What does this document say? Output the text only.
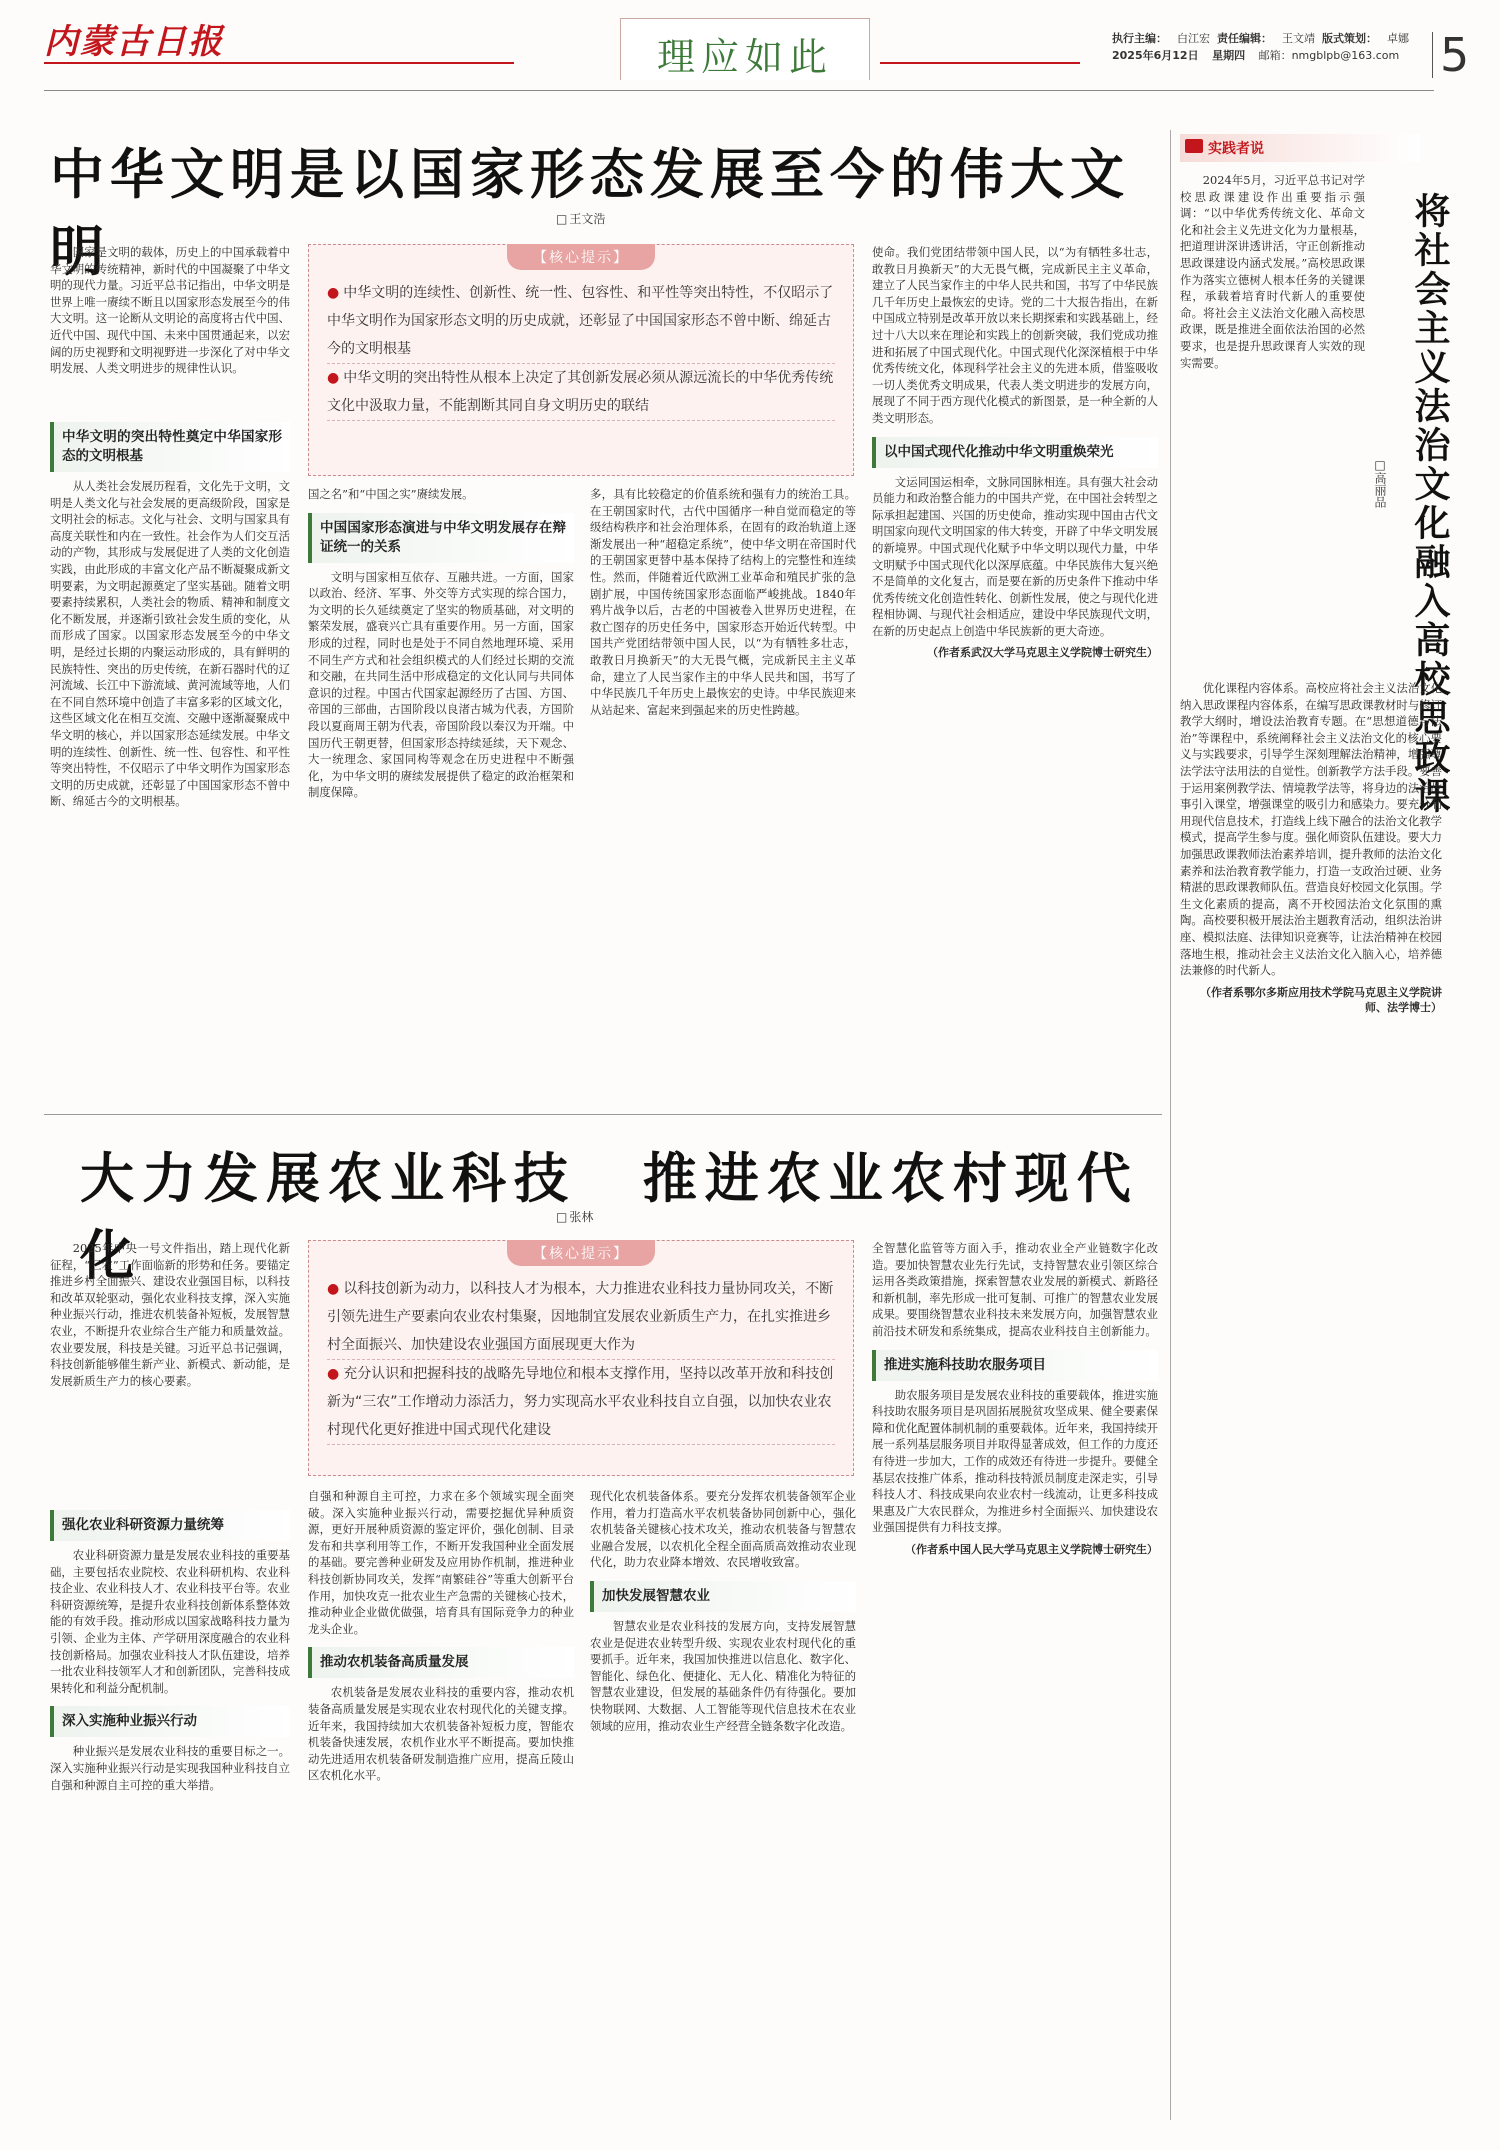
内蒙古日报	理应如此	执行主编： 白江宏 责任编辑： 王文靖 版式策划： 卓娜
2025年6月12日 星期四 邮箱：nmgblpb@163.com 5
中华文明是以国家形态发展至今的伟大文明
□ 王文浩

国家是文明的载体，历史上的中国承载着中华文明的传统精神，新时代的中国凝聚了中华文明的现代力量。习近平总书记指出，中华文明是世界上唯一赓续不断且以国家形态发展至今的伟大文明。这一论断从文明论的高度将古代中国、近代中国、现代中国、未来中国贯通起来，以宏阔的历史视野和文明视野进一步深化了对中华文明发展、人类文明进步的规律性认识。

中华文明的突出特性奠定中华国家形态的文明根基

从人类社会发展历程看，文化先于文明，文明是人类文化与社会发展的更高级阶段，国家是文明社会的标志。文化与社会、文明与国家具有高度关联性和内在一致性。社会作为人们交互活动的产物，其形成与发展促进了人类的文化创造实践，由此形成的丰富文化产品不断凝聚成新文明要素，为文明起源奠定了坚实基础。随着文明要素持续累积，人类社会的物质、精神和制度文化不断发展，并逐渐引致社会发生质的变化，从而形成了国家。以国家形态发展至今的中华文明，是经过长期的内聚运动形成的，具有鲜明的民族特性、突出的历史传统，在新石器时代的辽河流域、长江中下游流域、黄河流域等地，人们在不同自然环境中创造了丰富多彩的区域文化，这些区域文化在相互交流、交融中逐渐凝聚成中华文明的核心，并以国家形态延续发展。中华文明的连续性、创新性、统一性、包容性、和平性等突出特性，不仅昭示了中华文明作为国家形态文明的历史成就，还彰显了中国国家形态不曾中断、绵延古今的文明根基。

【核心提示】

● 中华文明的连续性、创新性、统一性、包容性、和平性等突出特性，不仅昭示了中华文明作为国家形态文明的历史成就，还彰显了中国国家形态不曾中断、绵延古今的文明根基

● 中华文明的突出特性从根本上决定了其创新发展必须从源远流长的中华优秀传统文化中汲取力量，不能割断其同自身文明历史的联结

国之名”和“中国之实”赓续发展。

中国国家形态演进与中华文明发展存在辩证统一的关系

文明与国家相互依存、互融共进。一方面，国家以政治、经济、军事、外交等方式实现的综合国力，为文明的长久延续奠定了坚实的物质基础，对文明的繁荣发展，盛衰兴亡具有重要作用。另一方面，国家形成的过程，同时也是处于不同自然地理环境、采用不同生产方式和社会组织模式的人们经过长期的交流和交融，在共同生活中形成稳定的文化认同与共同体意识的过程。中国古代国家起源经历了古国、方国、帝国的三部曲，古国阶段以良渚古城为代表，方国阶段以夏商周王朝为代表，帝国阶段以秦汉为开端。中国历代王朝更替，但国家形态持续延续，天下观念、大一统理念、家国同构等观念在历史进程中不断强化，为中华文明的赓续发展提供了稳定的政治框架和制度保障。

多，具有比较稳定的价值系统和强有力的统治工具。在王朝国家时代，古代中国循序一种自觉而稳定的等级结构秩序和社会治理体系，在固有的政治轨道上逐渐发展出一种“超稳定系统”，使中华文明在帝国时代的王朝国家更替中基本保持了结构上的完整性和连续性。然而，伴随着近代欧洲工业革命和殖民扩张的急剧扩展，中国传统国家形态面临严峻挑战。1840年鸦片战争以后，古老的中国被卷入世界历史进程，在救亡图存的历史任务中，国家形态开始近代转型。中国共产党团结带领中国人民，以“为有牺牲多壮志，敢教日月换新天”的大无畏气概，完成新民主主义革命，建立了人民当家作主的中华人民共和国，书写了中华民族几千年历史上最恢宏的史诗。中华民族迎来从站起来、富起来到强起来的历史性跨越。

使命。我们党团结带领中国人民，以“为有牺牲多壮志，敢教日月换新天”的大无畏气概，完成新民主主义革命，建立了人民当家作主的中华人民共和国，书写了中华民族几千年历史上最恢宏的史诗。党的二十大报告指出，在新中国成立特别是改革开放以来长期探索和实践基础上，经过十八大以来在理论和实践上的创新突破，我们党成功推进和拓展了中国式现代化。中国式现代化深深植根于中华优秀传统文化，体现科学社会主义的先进本质，借鉴吸收一切人类优秀文明成果，代表人类文明进步的发展方向，展现了不同于西方现代化模式的新图景，是一种全新的人类文明形态。

以中国式现代化推动中华文明重焕荣光

文运同国运相牵，文脉同国脉相连。具有强大社会动员能力和政治整合能力的中国共产党，在中国社会转型之际承担起建国、兴国的历史使命，推动实现中国由古代文明国家向现代文明国家的伟大转变，开辟了中华文明发展的新境界。中国式现代化赋予中华文明以现代力量，中华文明赋予中国式现代化以深厚底蕴。中华民族伟大复兴绝不是简单的文化复古，而是要在新的历史条件下推动中华优秀传统文化创造性转化、创新性发展，使之与现代化进程相协调、与现代社会相适应，建设中华民族现代文明，在新的历史起点上创造中华民族新的更大奇迹。

（作者系武汉大学马克思主义学院博士研究生）

大力发展农业科技 推进农业农村现代化
□ 张林

2025年中央一号文件指出，踏上现代化新征程，“三农”工作面临新的形势和任务。要锚定推进乡村全面振兴、建设农业强国目标，以科技和改革双轮驱动，强化农业科技支撑，深入实施种业振兴行动，推进农机装备补短板，发展智慧农业，不断提升农业综合生产能力和质量效益。农业要发展，科技是关键。习近平总书记强调，科技创新能够催生新产业、新模式、新动能，是发展新质生产力的核心要素。

强化农业科研资源力量统筹

农业科研资源力量是发展农业科技的重要基础，主要包括农业院校、农业科研机构、农业科技企业、农业科技人才、农业科技平台等。农业科研资源统筹，是提升农业科技创新体系整体效能的有效手段。推动形成以国家战略科技力量为引领、企业为主体、产学研用深度融合的农业科技创新格局。加强农业科技人才队伍建设，培养一批农业科技领军人才和创新团队，完善科技成果转化和利益分配机制。

深入实施种业振兴行动

种业振兴是发展农业科技的重要目标之一。深入实施种业振兴行动是实现我国种业科技自立自强和种源自主可控的重大举措。

【核心提示】

● 以科技创新为动力，以科技人才为根本，大力推进农业科技力量协同攻关，不断引领先进生产要素向农业农村集聚，因地制宜发展农业新质生产力，在扎实推进乡村全面振兴、加快建设农业强国方面展现更大作为

● 充分认识和把握科技的战略先导地位和根本支撑作用，坚持以改革开放和科技创新为“三农”工作增动力添活力，努力实现高水平农业科技自立自强，以加快农业农村现代化更好推进中国式现代化建设

自强和种源自主可控，力求在多个领域实现全面突破。深入实施种业振兴行动，需要挖掘优异种质资源，更好开展种质资源的鉴定评价，强化创制、目录发布和共享利用等工作，不断开发我国种业全面发展的基础。要完善种业研发及应用协作机制，推进种业科技创新协同攻关，发挥“南繁硅谷”等重大创新平台作用，加快攻克一批农业生产急需的关键核心技术，推动种业企业做优做强，培育具有国际竞争力的种业龙头企业。

推动农机装备高质量发展

农机装备是发展农业科技的重要内容，推动农机装备高质量发展是实现农业农村现代化的关键支撑。近年来，我国持续加大农机装备补短板力度，智能农机装备快速发展，农机作业水平不断提高。要加快推动先进适用农机装备研发制造推广应用，提高丘陵山区农机化水平。

现代化农机装备体系。要充分发挥农机装备领军企业作用，着力打造高水平农机装备协同创新中心，强化农机装备关键核心技术攻关，推动农机装备与智慧农业融合发展，以农机化全程全面高质高效推动农业现代化，助力农业降本增效、农民增收致富。

加快发展智慧农业

智慧农业是农业科技的发展方向，支持发展智慧农业是促进农业转型升级、实现农业农村现代化的重要抓手。近年来，我国加快推进以信息化、数字化、智能化、绿色化、便捷化、无人化、精准化为特征的智慧农业建设，但发展的基础条件仍有待强化。要加快物联网、大数据、人工智能等现代信息技术在农业领域的应用，推动农业生产经营全链条数字化改造。

全智慧化监管等方面入手，推动农业全产业链数字化改造。要加快智慧农业先行先试，支持智慧农业引领区综合运用各类政策措施，探索智慧农业发展的新模式、新路径和新机制，率先形成一批可复制、可推广的智慧农业发展成果。要围绕智慧农业科技未来发展方向，加强智慧农业前沿技术研发和系统集成，提高农业科技自主创新能力。

推进实施科技助农服务项目

助农服务项目是发展农业科技的重要载体，推进实施科技助农服务项目是巩固拓展脱贫攻坚成果、健全要素保障和优化配置体制机制的重要载体。近年来，我国持续开展一系列基层服务项目并取得显著成效，但工作的力度还有待进一步加大，工作的成效还有待进一步提升。要健全基层农技推广体系，推动科技特派员制度走深走实，引导科技人才、科技成果向农业农村一线流动，让更多科技成果惠及广大农民群众，为推进乡村全面振兴、加快建设农业强国提供有力科技支撑。

（作者系中国人民大学马克思主义学院博士研究生）

实践者说
将社会主义法治文化融入高校思政课
□高丽品

2024年5月，习近平总书记对学校思政课建设作出重要指示强调：“以中华优秀传统文化、革命文化和社会主义先进文化为力量根基，把道理讲深讲透讲活，守正创新推动思政课建设内涵式发展。”高校思政课作为落实立德树人根本任务的关键课程，承载着培育时代新人的重要使命。将社会主义法治文化融入高校思政课，既是推进全面依法治国的必然要求，也是提升思政课育人实效的现实需要。

优化课程内容体系。高校应将社会主义法治文化纳入思政课程内容体系，在编写思政课教材时与修订教学大纲时，增设法治教育专题。在“思想道德与法治”等课程中，系统阐释社会主义法治文化的核心要义与实践要求，引导学生深刻理解法治精神，增强尊法学法守法用法的自觉性。创新教学方法手段。要善于运用案例教学法、情境教学法等，将身边的法治故事引入课堂，增强课堂的吸引力和感染力。要充分利用现代信息技术，打造线上线下融合的法治文化教学模式，提高学生参与度。强化师资队伍建设。要大力加强思政课教师法治素养培训，提升教师的法治文化素养和法治教育教学能力，打造一支政治过硬、业务精湛的思政课教师队伍。营造良好校园文化氛围。学生文化素质的提高，离不开校园法治文化氛围的熏陶。高校要积极开展法治主题教育活动，组织法治讲座、模拟法庭、法律知识竞赛等，让法治精神在校园落地生根，推动社会主义法治文化入脑入心，培养德法兼修的时代新人。

（作者系鄂尔多斯应用技术学院马克思主义学院讲师、法学博士）
